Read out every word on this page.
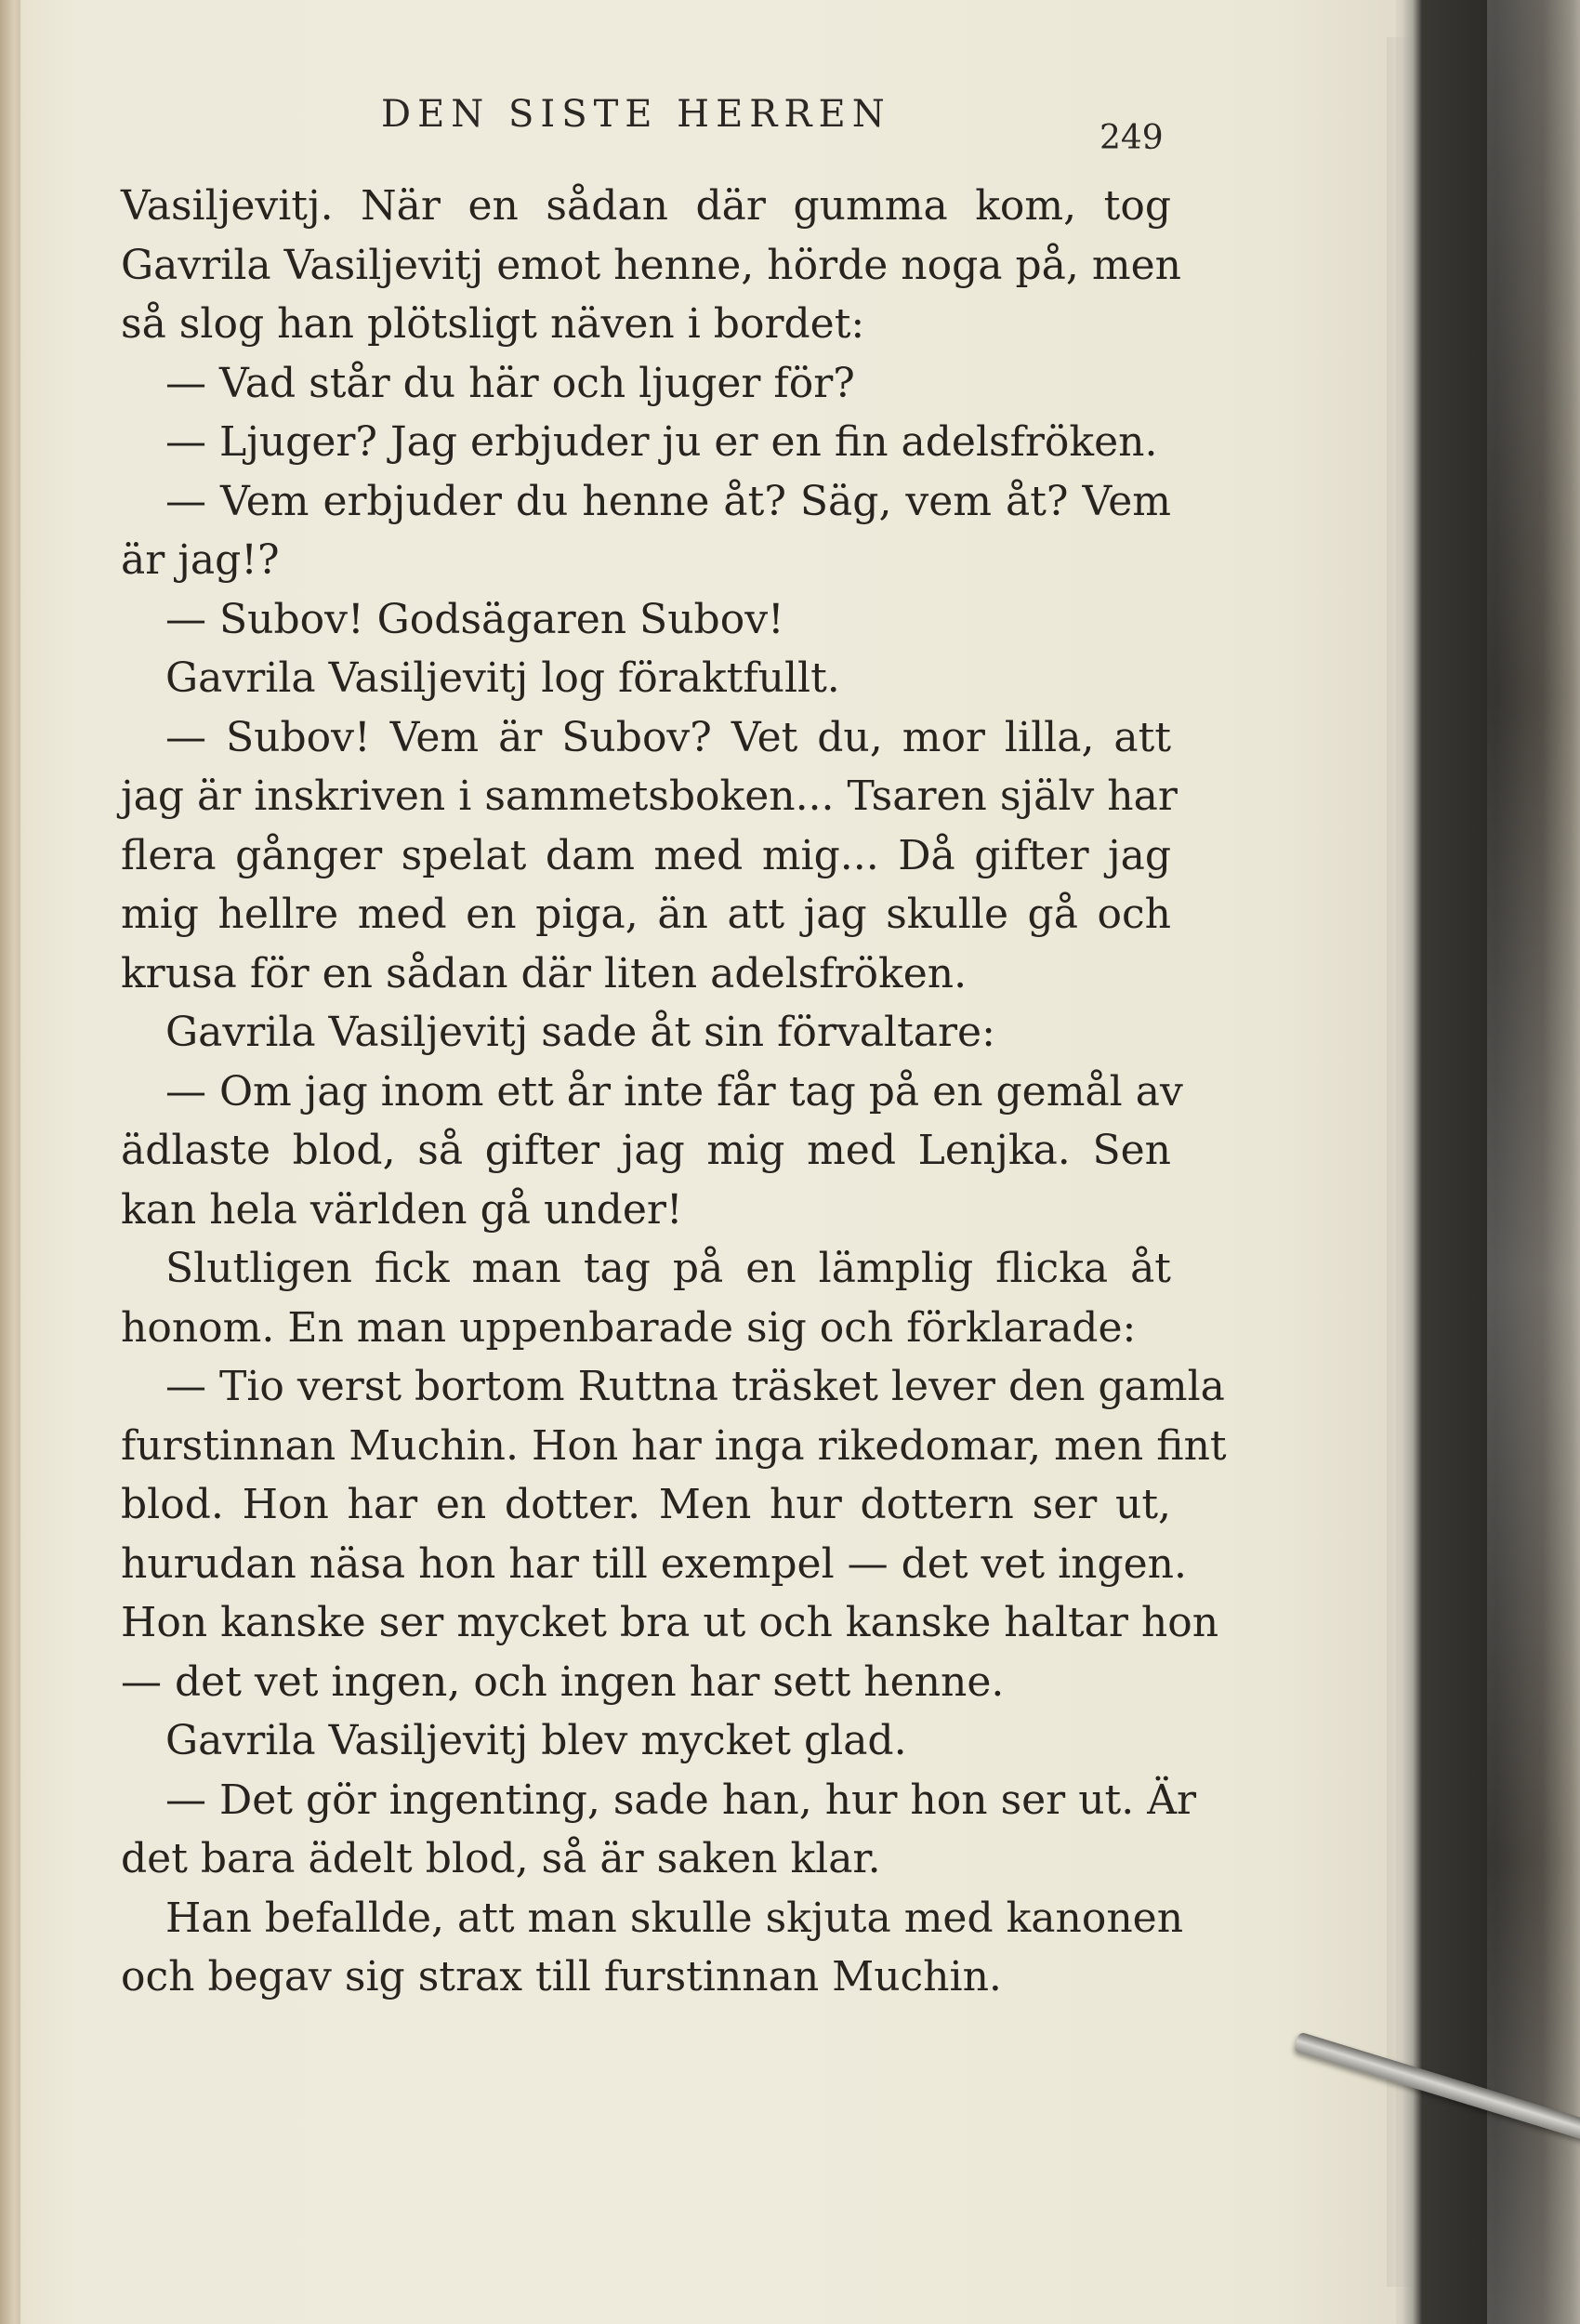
DEN SISTE HERREN
249
Vasiljevitj. När en sådan där gumma kom, tog
Gavrila Vasiljevitj emot henne, hörde noga på, men
så slog han plötsligt näven i bordet:
— Vad står du här och ljuger för?
— Ljuger? Jag erbjuder ju er en fin adelsfröken.
— Vem erbjuder du henne åt? Säg, vem åt? Vem
är jag!?
— Subov! Godsägaren Subov!
Gavrila Vasiljevitj log föraktfullt.
— Subov! Vem är Subov? Vet du, mor lilla, att
jag är inskriven i sammetsboken... Tsaren själv har
flera gånger spelat dam med mig... Då gifter jag
mig hellre med en piga, än att jag skulle gå och
krusa för en sådan där liten adelsfröken.
Gavrila Vasiljevitj sade åt sin förvaltare:
— Om jag inom ett år inte får tag på en gemål av
ädlaste blod, så gifter jag mig med Lenjka. Sen
kan hela världen gå under!
Slutligen fick man tag på en lämplig flicka åt
honom. En man uppenbarade sig och förklarade:
— Tio verst bortom Ruttna träsket lever den gamla
furstinnan Muchin. Hon har inga rikedomar, men fint
blod. Hon har en dotter. Men hur dottern ser ut,
hurudan näsa hon har till exempel — det vet ingen.
Hon kanske ser mycket bra ut och kanske haltar hon
— det vet ingen, och ingen har sett henne.
Gavrila Vasiljevitj blev mycket glad.
— Det gör ingenting, sade han, hur hon ser ut. Är
det bara ädelt blod, så är saken klar.
Han befallde, att man skulle skjuta med kanonen
och begav sig strax till furstinnan Muchin.
